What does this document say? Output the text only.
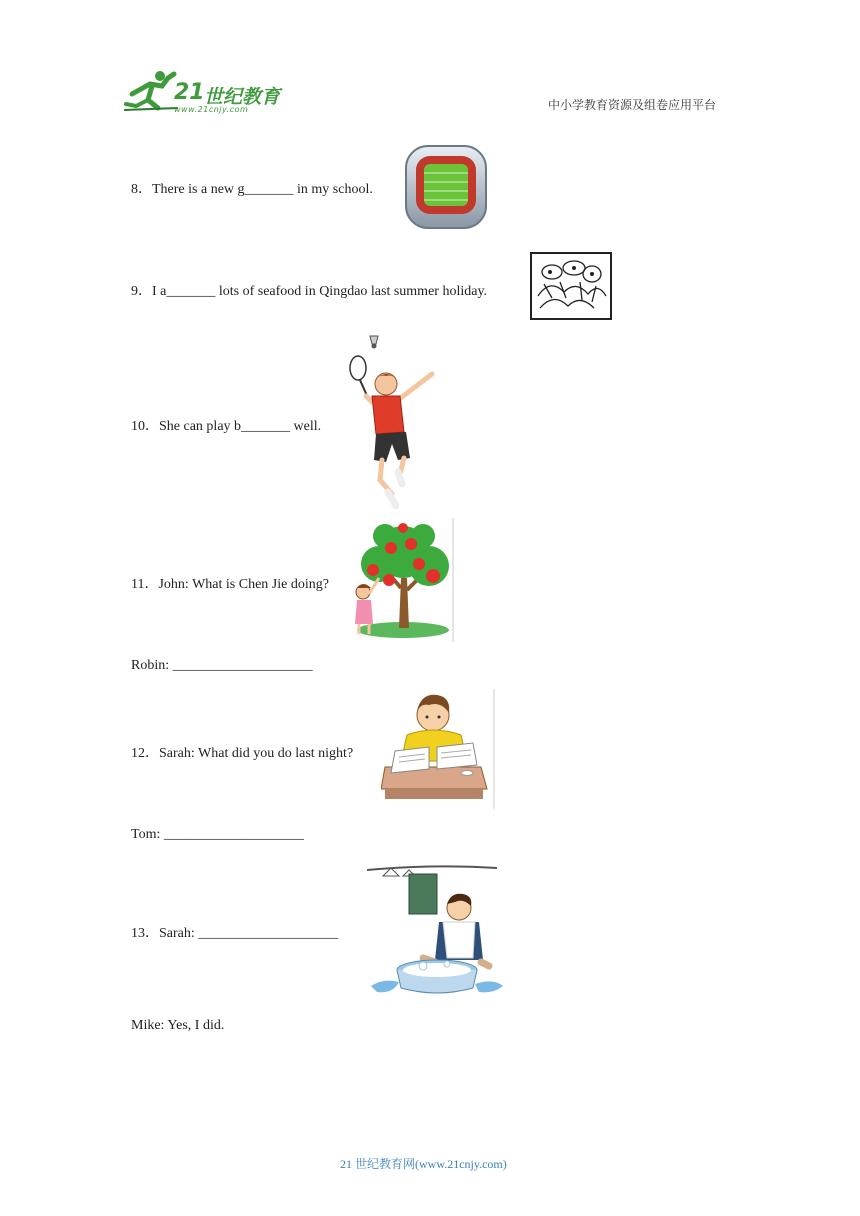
21 世纪教育
www.21cnjy.com	中小学教育资源及组卷应用平台
8．There is a new g_______ in my school.
9．I a_______ lots of seafood in Qingdao last summer holiday.
10．She can play b_______ well.
11．John: What is Chen Jie doing?
Robin: ____________________
12．Sarah: What did you do last night?
Tom: ____________________
13．Sarah: ____________________
Mike: Yes, I did.
21 世纪教育网(www.21cnjy.com)
